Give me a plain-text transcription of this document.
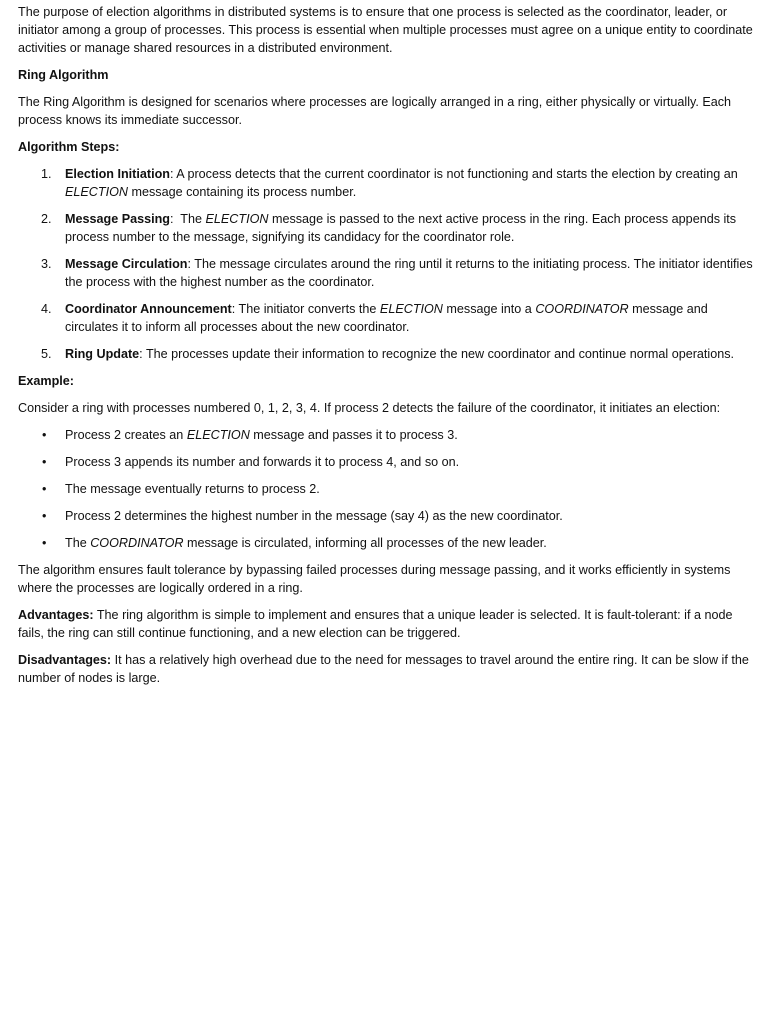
The purpose of election algorithms in distributed systems is to ensure that one process is selected as the coordinator, leader, or initiator among a group of processes. This process is essential when multiple processes must agree on a unique entity to coordinate activities or manage shared resources in a distributed environment.

Ring Algorithm

The Ring Algorithm is designed for scenarios where processes are logically arranged in a ring, either physically or virtually. Each process knows its immediate successor.

Algorithm Steps:
1. Election Initiation: A process detects that the current coordinator is not functioning and starts the election by creating an ELECTION message containing its process number.
2. Message Passing:  The ELECTION message is passed to the next active process in the ring. Each process appends its process number to the message, signifying its candidacy for the coordinator role.
3. Message Circulation: The message circulates around the ring until it returns to the initiating process. The initiator identifies the process with the highest number as the coordinator.
4. Coordinator Announcement: The initiator converts the ELECTION message into a COORDINATOR message and circulates it to inform all processes about the new coordinator.
5. Ring Update: The processes update their information to recognize the new coordinator and continue normal operations.
Example:

Consider a ring with processes numbered 0, 1, 2, 3, 4. If process 2 detects the failure of the coordinator, it initiates an election:

• Process 2 creates an ELECTION message and passes it to process 3.
• Process 3 appends its number and forwards it to process 4, and so on.
• The message eventually returns to process 2.
• Process 2 determines the highest number in the message (say 4) as the new coordinator.
• The COORDINATOR message is circulated, informing all processes of the new leader.

The algorithm ensures fault tolerance by bypassing failed processes during message passing, and it works efficiently in systems where the processes are logically ordered in a ring.

Advantages: The ring algorithm is simple to implement and ensures that a unique leader is selected. It is fault-tolerant: if a node fails, the ring can still continue functioning, and a new election can be triggered.

Disadvantages: It has a relatively high overhead due to the need for messages to travel around the entire ring. It can be slow if the number of nodes is large.
